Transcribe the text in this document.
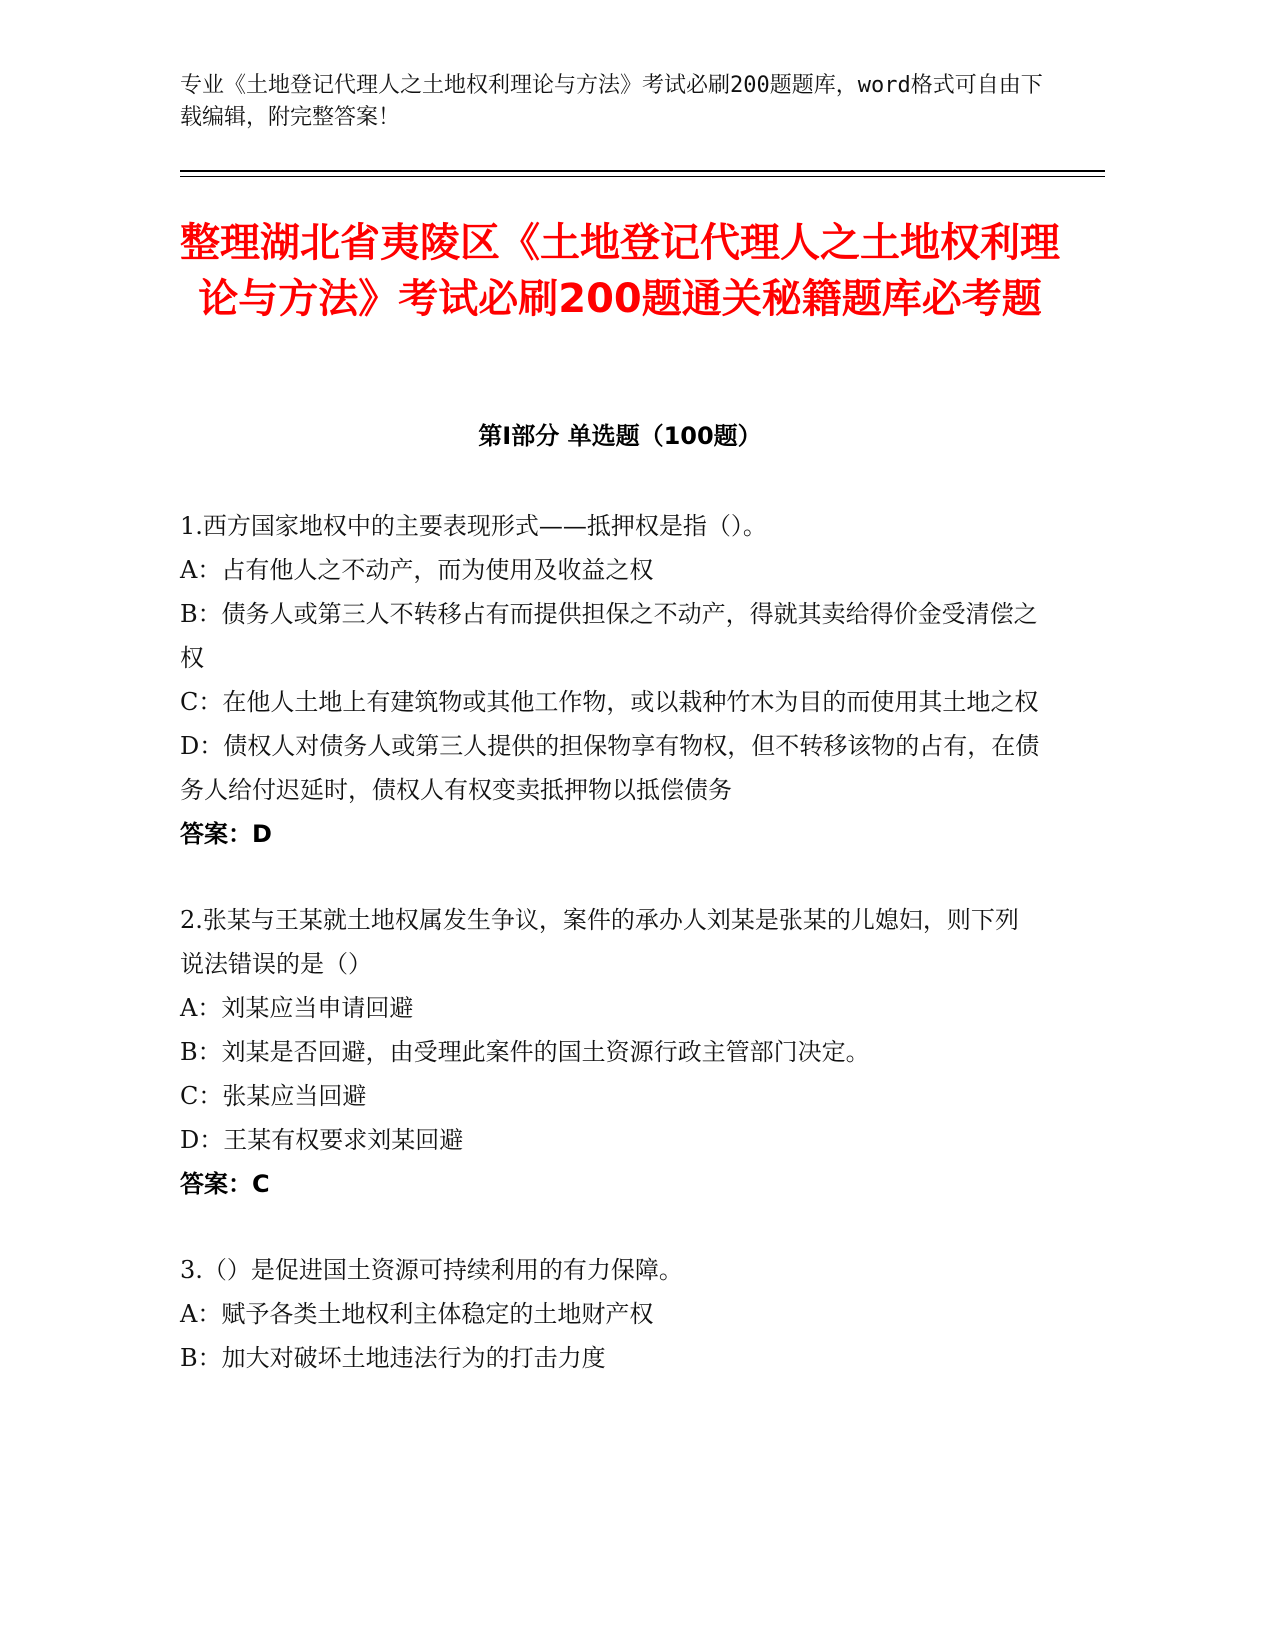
专业《土地登记代理人之土地权利理论与方法》考试必刷200题题库，word格式可自由下载编辑，附完整答案！
整理湖北省夷陵区《土地登记代理人之土地权利理论与方法》考试必刷200题通关秘籍题库必考题
第Ⅰ部分 单选题（100题）

1.西方国家地权中的主要表现形式——抵押权是指（）。

A：占有他人之不动产，而为使用及收益之权

B：债务人或第三人不转移占有而提供担保之不动产，得就其卖给得价金受清偿之权

C：在他人土地上有建筑物或其他工作物，或以栽种竹木为目的而使用其土地之权

D：债权人对债务人或第三人提供的担保物享有物权，但不转移该物的占有，在债务人给付迟延时，债权人有权变卖抵押物以抵偿债务

答案：D

2.张某与王某就土地权属发生争议，案件的承办人刘某是张某的儿媳妇，则下列说法错误的是（）

A：刘某应当申请回避

B：刘某是否回避，由受理此案件的国土资源行政主管部门决定。

C：张某应当回避

D：王某有权要求刘某回避

答案：C

3.（）是促进国土资源可持续利用的有力保障。

A：赋予各类土地权利主体稳定的土地财产权

B：加大对破坏土地违法行为的打击力度
